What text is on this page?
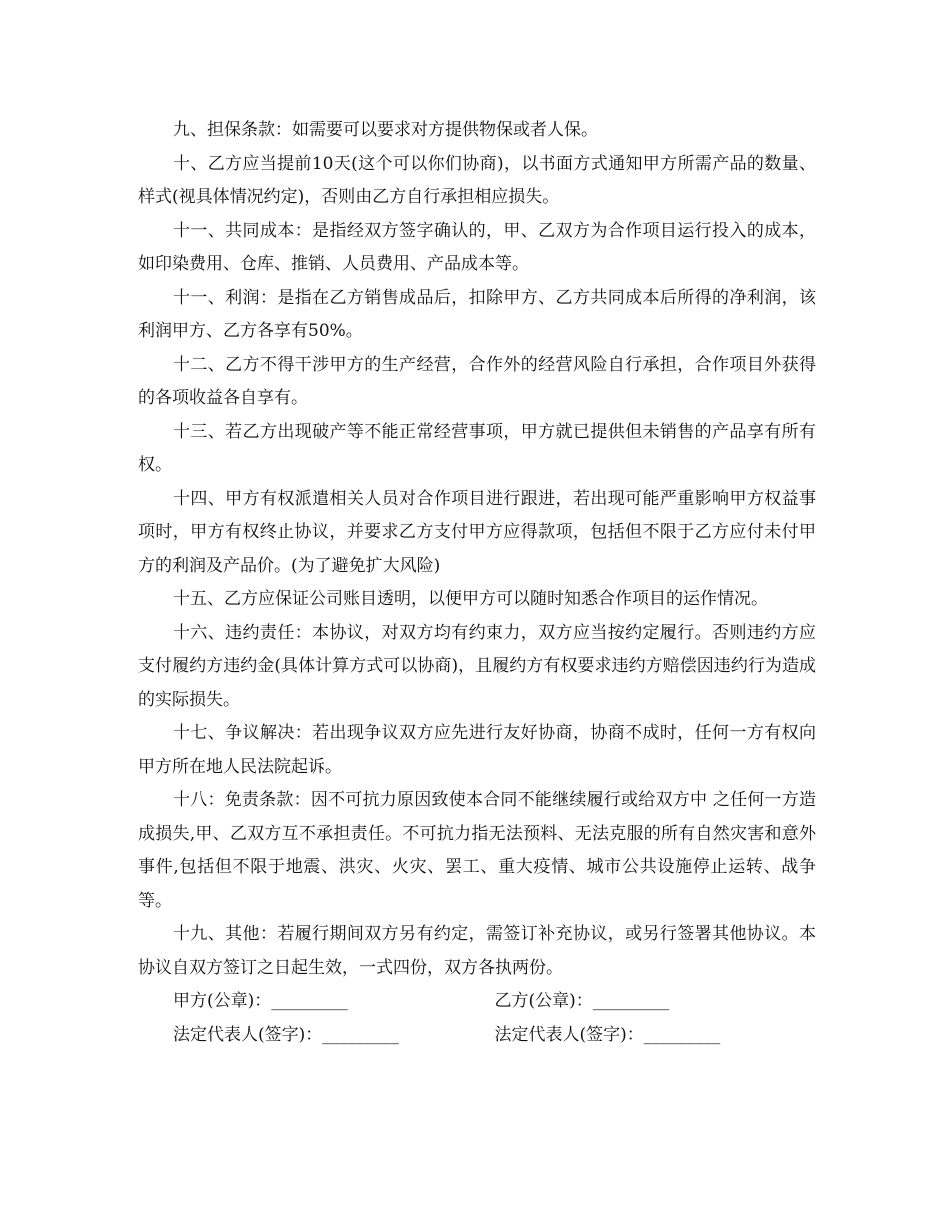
九、担保条款：如需要可以要求对方提供物保或者人保。

十、乙方应当提前10天(这个可以你们协商)，以书面方式通知甲方所需产品的数量、样式(视具体情况约定)，否则由乙方自行承担相应损失。

十一、共同成本：是指经双方签字确认的，甲、乙双方为合作项目运行投入的成本，如印染费用、仓库、推销、人员费用、产品成本等。

十一、利润：是指在乙方销售成品后，扣除甲方、乙方共同成本后所得的净利润，该利润甲方、乙方各享有50%。

十二、乙方不得干涉甲方的生产经营，合作外的经营风险自行承担，合作项目外获得的各项收益各自享有。

十三、若乙方出现破产等不能正常经营事项，甲方就已提供但未销售的产品享有所有权。

十四、甲方有权派遣相关人员对合作项目进行跟进，若出现可能严重影响甲方权益事项时，甲方有权终止协议，并要求乙方支付甲方应得款项，包括但不限于乙方应付未付甲方的利润及产品价。(为了避免扩大风险)

十五、乙方应保证公司账目透明，以便甲方可以随时知悉合作项目的运作情况。

十六、违约责任：本协议，对双方均有约束力，双方应当按约定履行。否则违约方应支付履约方违约金(具体计算方式可以协商)，且履约方有权要求违约方赔偿因违约行为造成的实际损失。

十七、争议解决：若出现争议双方应先进行友好协商，协商不成时，任何一方有权向甲方所在地人民法院起诉。

十八：免责条款：因不可抗力原因致使本合同不能继续履行或给双方中 之任何一方造成损失,甲、乙双方互不承担责任。不可抗力指无法预料、无法克服的所有自然灾害和意外事件,包括但不限于地震、洪灾、火灾、罢工、重大疫情、城市公共设施停止运转、战争等。

十九、其他：若履行期间双方另有约定，需签订补充协议，或另行签署其他协议。本协议自双方签订之日起生效，一式四份，双方各执两份。

甲方(公章)：_________	乙方(公章)：_________
法定代表人(签字)：_________	法定代表人(签字)：_________
